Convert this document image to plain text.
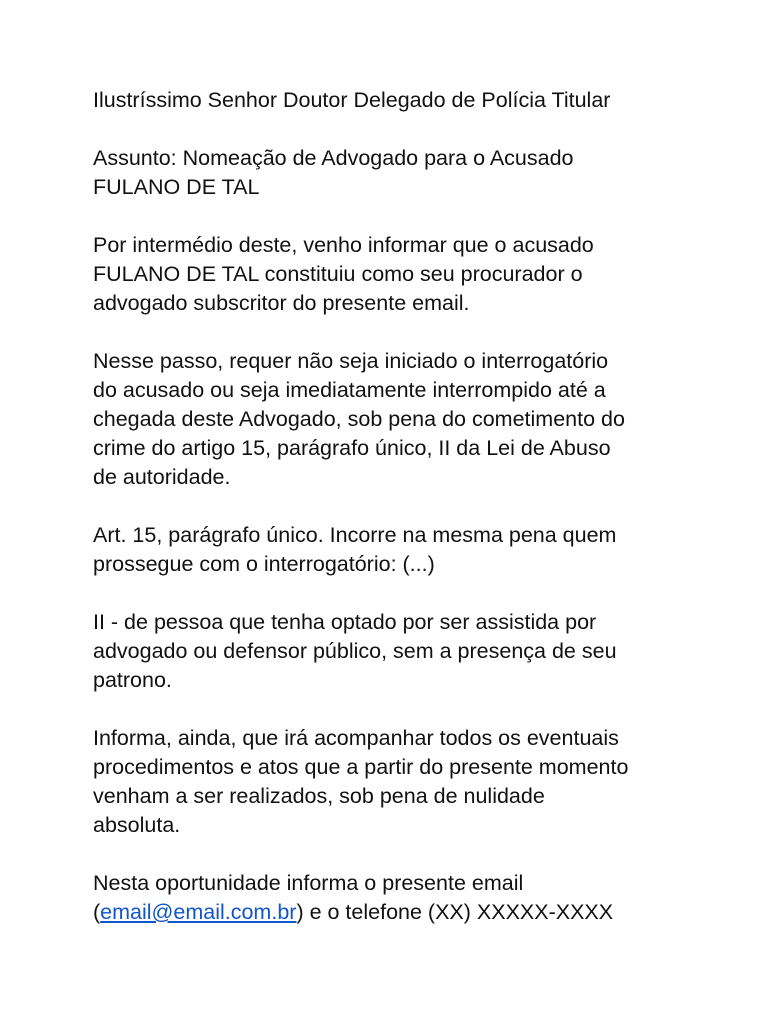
Ilustríssimo Senhor Doutor Delegado de Polícia Titular

Assunto: Nomeação de Advogado para o Acusado
FULANO DE TAL

Por intermédio deste, venho informar que o acusado
FULANO DE TAL constituiu como seu procurador o
advogado subscritor do presente email.

Nesse passo, requer não seja iniciado o interrogatório
do acusado ou seja imediatamente interrompido até a
chegada deste Advogado, sob pena do cometimento do
crime do artigo 15, parágrafo único, II da Lei de Abuso
de autoridade.

Art. 15, parágrafo único. Incorre na mesma pena quem
prossegue com o interrogatório: (...)

II - de pessoa que tenha optado por ser assistida por
advogado ou defensor público, sem a presença de seu
patrono.

Informa, ainda, que irá acompanhar todos os eventuais
procedimentos e atos que a partir do presente momento
venham a ser realizados, sob pena de nulidade
absoluta.

Nesta oportunidade informa o presente email
(email@email.com.br) e o telefone (XX) XXXXX-XXXX
